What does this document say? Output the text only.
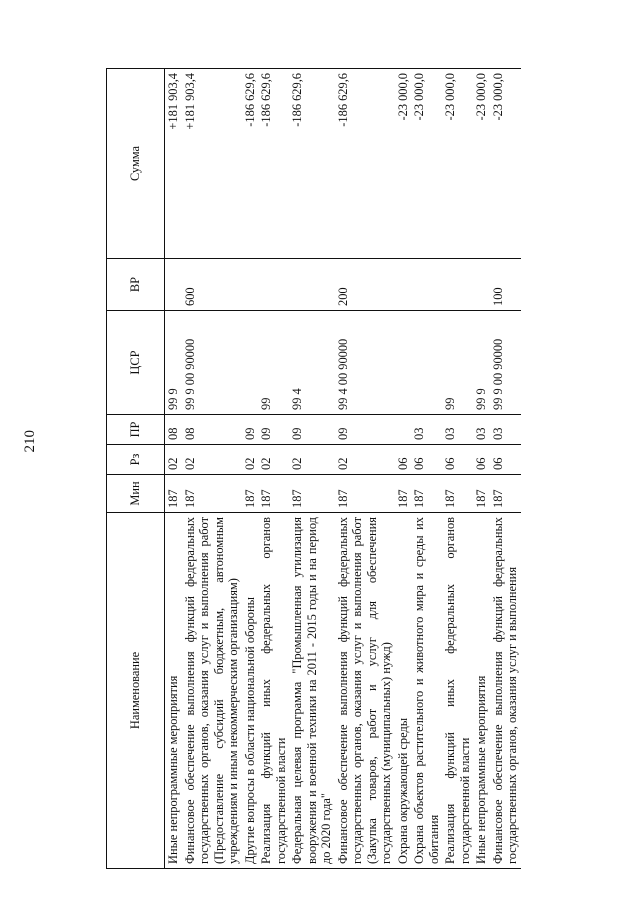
210
Наименование	Мин	Рз	ПР	ЦСР	ВР	Сумма
Иные непрограммные мероприятия	187	02	08	99 9		+181 903,4
Финансовое обеспечение выполнения функций федеральных государственных органов, оказания услуг и выполнения работ (Предоставление субсидий бюджетным, автономным учреждениям и иным некоммерческим организациям)	187	02	08	99 9 00 90000	600	+181 903,4
Другие вопросы в области национальной обороны	187	02	09			-186 629,6
Реализация функций иных федеральных органов государственной власти	187	02	09	99		-186 629,6
Федеральная целевая программа "Промышленная утилизация вооружения и военной техники на 2011 - 2015 годы и на период до 2020 года"	187	02	09	99 4		-186 629,6
Финансовое обеспечение выполнения функций федеральных государственных органов, оказания услуг и выполнения работ (Закупка товаров, работ и услуг для обеспечения государственных (муниципальных) нужд)	187	02	09	99 4 00 90000	200	-186 629,6
Охрана окружающей среды	187	06				-23 000,0
Охрана объектов растительного и животного мира и среды их обитания	187	06	03			-23 000,0
Реализация функций иных федеральных органов государственной власти	187	06	03	99		-23 000,0
Иные непрограммные мероприятия	187	06	03	99 9		-23 000,0
Финансовое обеспечение выполнения функций федеральных государственных органов, оказания услуг и выполнения	187	06	03	99 9 00 90000	100	-23 000,0
